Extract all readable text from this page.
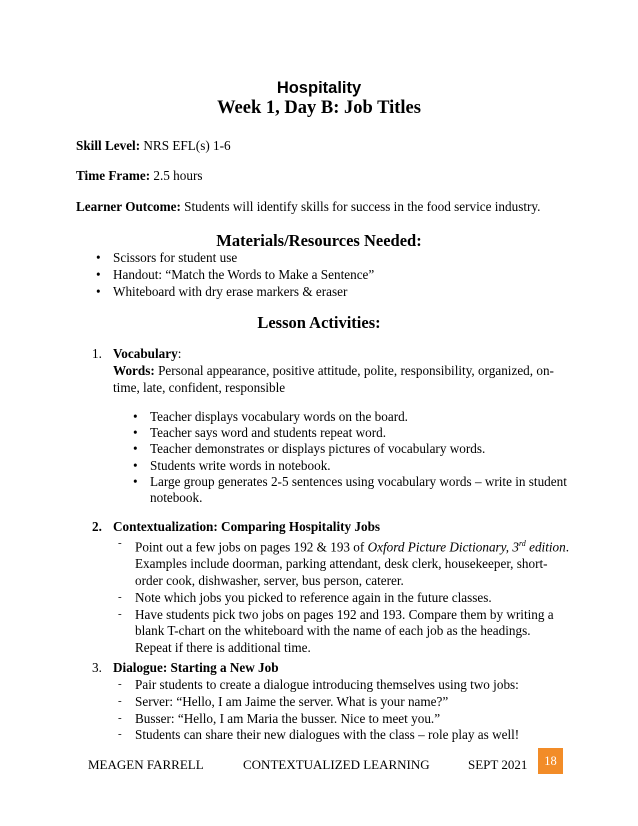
Hospitality
Week 1, Day B: Job Titles
Skill Level: NRS EFL(s) 1-6
Time Frame: 2.5 hours
Learner Outcome: Students will identify skills for success in the food service industry.
Materials/Resources Needed:
• Scissors for student use
• Handout: “Match the Words to Make a Sentence”
• Whiteboard with dry erase markers & eraser
Lesson Activities:
1. Vocabulary:
Words: Personal appearance, positive attitude, polite, responsibility, organized, on-time, late, confident, responsible
• Teacher displays vocabulary words on the board.
• Teacher says word and students repeat word.
• Teacher demonstrates or displays pictures of vocabulary words.
• Students write words in notebook.
• Large group generates 2-5 sentences using vocabulary words – write in student notebook.
2. Contextualization: Comparing Hospitality Jobs
- Point out a few jobs on pages 192 & 193 of Oxford Picture Dictionary, 3rd edition. Examples include doorman, parking attendant, desk clerk, housekeeper, short-order cook, dishwasher, server, bus person, caterer.
- Note which jobs you picked to reference again in the future classes.
- Have students pick two jobs on pages 192 and 193. Compare them by writing a blank T-chart on the whiteboard with the name of each job as the headings. Repeat if there is additional time.
3. Dialogue: Starting a New Job
- Pair students to create a dialogue introducing themselves using two jobs:
- Server: “Hello, I am Jaime the server. What is your name?”
- Busser: “Hello, I am Maria the busser. Nice to meet you.”
- Students can share their new dialogues with the class – role play as well!
MEAGEN FARRELL	CONTEXTUALIZED LEARNING	SEPT 2021	18
